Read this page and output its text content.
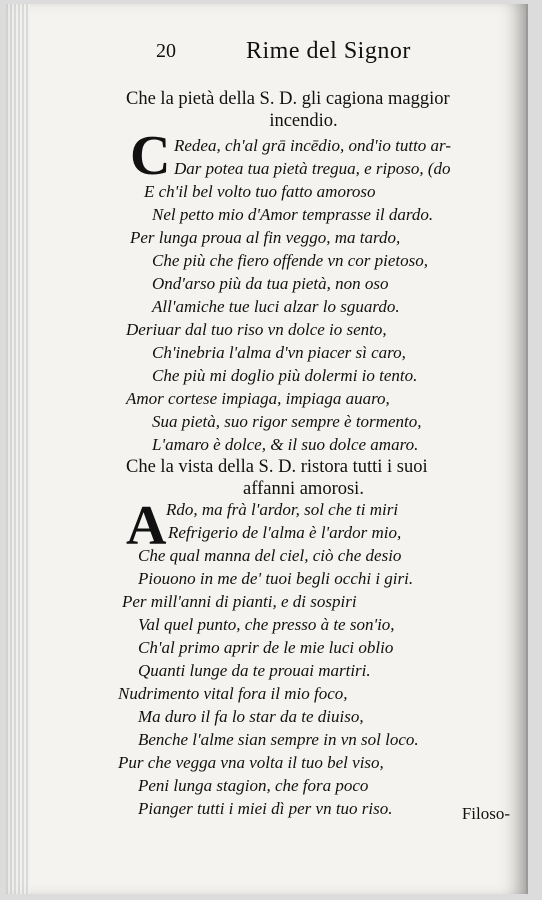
20	Rime del Signor
Che la pietà della S. D. gli cagiona maggior
incendio.
C Redea, ch'al grā incēdio, ond'io tutto ar-
Dar potea tua pietà tregua, e riposo, (do
E ch'il bel volto tuo fatto amoroso
Nel petto mio d'Amor temprasse il dardo.
Per lunga proua al fin veggo, ma tardo,
Che più che fiero offende vn cor pietoso,
Ond'arso più da tua pietà, non oso
All'amiche tue luci alzar lo sguardo.
Deriuar dal tuo riso vn dolce io sento,
Ch'inebria l'alma d'vn piacer sì caro,
Che più mi doglio più dolermi io tento.
Amor cortese impiaga, impiaga auaro,
Sua pietà, suo rigor sempre è tormento,
L'amaro è dolce, & il suo dolce amaro.
Che la vista della S. D. ristora tutti i suoi
affanni amorosi.
A Rdo, ma frà l'ardor, sol che ti miri
Refrigerio de l'alma è l'ardor mio,
Che qual manna del ciel, ciò che desio
Piouono in me de' tuoi begli occhi i giri.
Per mill'anni di pianti, e di sospiri
Val quel punto, che presso à te son'io,
Ch'al primo aprir de le mie luci oblio
Quanti lunge da te prouai martiri.
Nudrimento vital fora il mio foco,
Ma duro il fa lo star da te diuiso,
Benche l'alme sian sempre in vn sol loco.
Pur che vegga vna volta il tuo bel viso,
Peni lunga stagion, che fora poco
Pianger tutti i miei dì per vn tuo riso.	Filoso-
